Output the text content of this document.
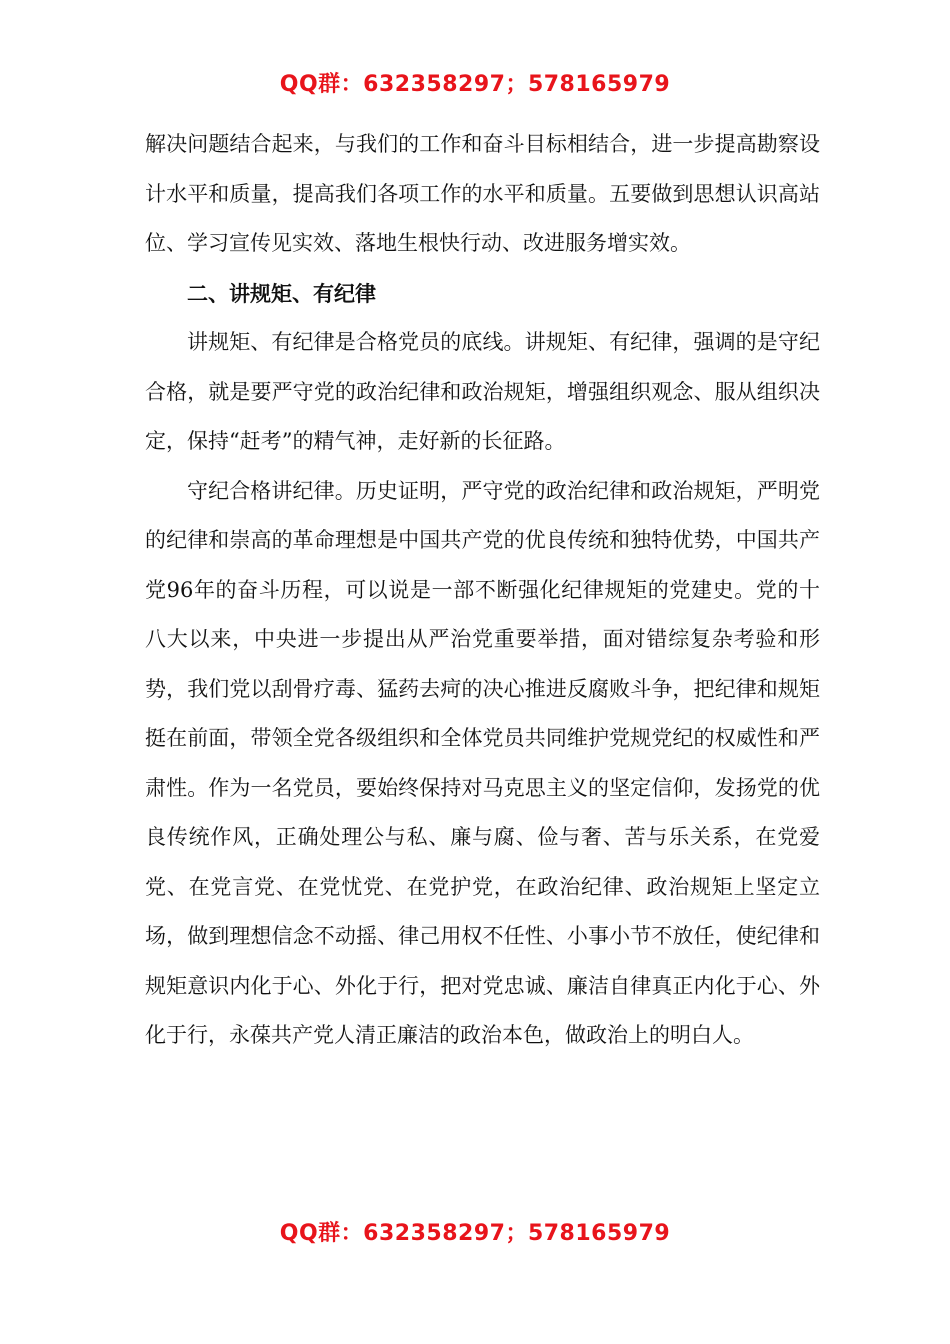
QQ群：632358297；578165979

解决问题结合起来，与我们的工作和奋斗目标相结合，进一步提高勘察设计水平和质量，提高我们各项工作的水平和质量。五要做到思想认识高站位、学习宣传见实效、落地生根快行动、改进服务增实效。

二、讲规矩、有纪律

讲规矩、有纪律是合格党员的底线。讲规矩、有纪律，强调的是守纪合格，就是要严守党的政治纪律和政治规矩，增强组织观念、服从组织决定，保持“赶考”的精气神，走好新的长征路。

守纪合格讲纪律。历史证明，严守党的政治纪律和政治规矩，严明党的纪律和崇高的革命理想是中国共产党的优良传统和独特优势，中国共产党96年的奋斗历程，可以说是一部不断强化纪律规矩的党建史。党的十八大以来，中央进一步提出从严治党重要举措，面对错综复杂考验和形势，我们党以刮骨疗毒、猛药去疴的决心推进反腐败斗争，把纪律和规矩挺在前面，带领全党各级组织和全体党员共同维护党规党纪的权威性和严肃性。作为一名党员，要始终保持对马克思主义的坚定信仰，发扬党的优良传统作风，正确处理公与私、廉与腐、俭与奢、苦与乐关系，在党爱党、在党言党、在党忧党、在党护党，在政治纪律、政治规矩上坚定立场，做到理想信念不动摇、律己用权不任性、小事小节不放任，使纪律和规矩意识内化于心、外化于行，把对党忠诚、廉洁自律真正内化于心、外化于行，永葆共产党人清正廉洁的政治本色，做政治上的明白人。

QQ群：632358297；578165979
